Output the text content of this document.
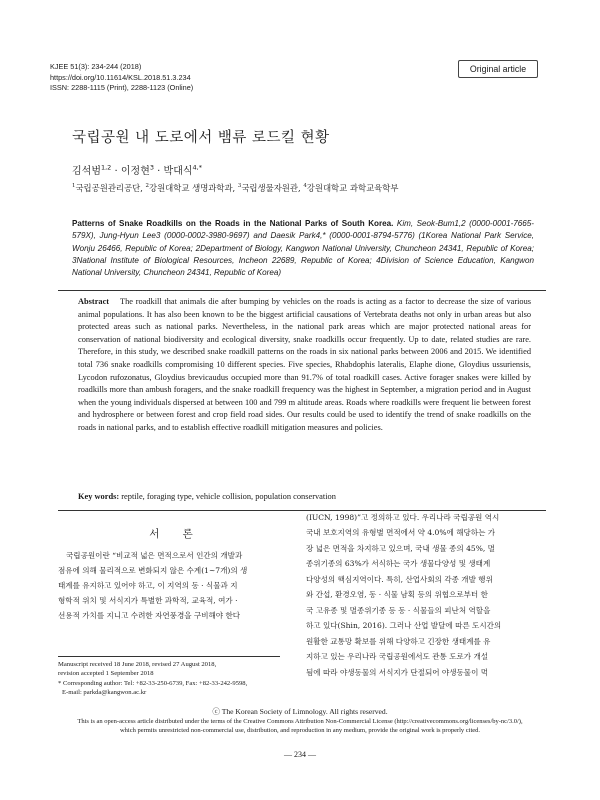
KJEE 51(3): 234-244 (2018)
https://doi.org/10.11614/KSL.2018.51.3.234
ISSN: 2288-1115 (Print), 2288-1123 (Online)
Original article
국립공원 내 도로에서 뱀류 로드킬 현황
김석범$^{1,2}$ · 이정현$^3$ · 박대식$^{4,*}$
$^1$국립공원관리공단, $^2$강원대학교 생명과학과, $^3$국립생물자원관, $^4$강원대학교 과학교육학부
Patterns of Snake Roadkills on the Roads in the National Parks of South Korea. Kim, Seok-Bum1,2 (0000-0001-7665-579X), Jung-Hyun Lee3 (0000-0002-3980-9697) and Daesik Park4,* (0000-0001-8794-5776) (1Korea National Park Service, Wonju 26466, Republic of Korea; 2Department of Biology, Kangwon National University, Chuncheon 24341, Republic of Korea; 3National Institute of Biological Resources, Incheon 22689, Republic of Korea; 4Division of Science Education, Kangwon National University, Chuncheon 24341, Republic of Korea)
Abstract The roadkill that animals die after bumping by vehicles on the roads is acting as a factor to decrease the size of various animal populations. It has also been known to be the biggest artificial causations of Vertebrata deaths not only in urban areas but also protected areas such as national parks. Nevertheless, in the national park areas which are major protected national areas for conservation of national biodiversity and ecological diversity, snake roadkills occur frequently. Up to date, related studies are rare. Therefore, in this study, we described snake roadkill patterns on the roads in six national parks between 2006 and 2015. We identified total 736 snake roadkills compromising 10 different species. Five species, Rhabdophis lateralis, Elaphe dione, Gloydius ussuriensis, Lycodon rufozonatus, Gloydius brevicaudus occupied more than 91.7% of total roadkill cases. Active forager snakes were killed by roadkills more than ambush foragers, and the snake roadkill frequency was the highest in September, a migration period and in August when the young individuals dispersed at between 100 and 799 m altitude areas. Roads where roadkills were frequent lie between forest and hydrosphere or between forest and crop field road sides. Our results could be used to identify the trend of snake roadkills on the roads in national parks, and to establish effective roadkill mitigation measures and policies.
Key words: reptile, foraging type, vehicle collision, population conservation
서 론
국립공원이란 “비교적 넓은 면적으로서 인간의 개발과
점유에 의해 물리적으로 변화되지 않은 수계(1~7개)의 생
태계를 유지하고 있어야 하고, 이 지역의 동 · 식물과 지
형학적 위치 및 서식지가 특별한 과학적, 교육적, 여가 ·
선용적 가치를 지니고 수려한 자연풍경을 구비해야 한다
(IUCN, 1998)”고 정의하고 있다. 우리나라 국립공원 역시
국내 보호지역의 유형별 면적에서 약 4.0%에 해당하는 가
장 넓은 면적을 차지하고 있으며, 국내 생물 종의 45%, 멸
종위기종의 63%가 서식하는 국가 생물다양성 및 생태계
다양성의 핵심지역이다. 특히, 산업사회의 각종 개발 행위
와 간섭, 환경오염, 동 · 식물 남획 등의 위협으로부터 한
국 고유종 및 멸종위기종 등 동 · 식물들의 피난처 역할을
하고 있다(Shin, 2016). 그러나 산업 발달에 따른 도시간의
원활한 교통망 확보를 위해 다양하고 긴장한 생태계를 유
지하고 있는 우리나라 국립공원에서도 관통 도로가 개설
됨에 따라 야생동물의 서식지가 단절되어 야생동물이 먹
Manuscript received 18 June 2018, revised 27 August 2018,
revision accepted 1 September 2018
* Corresponding author: Tel: +82-33-250-6739, Fax: +82-33-242-9598,
E-mail: parkda@kangwon.ac.kr
ⓒ The Korean Society of Limnology. All rights reserved.
This is an open-access article distributed under the terms of the Creative Commons Attribution Non-Commercial License (http://creativecommons.org/licenses/by-nc/3.0/),
which permits unrestricted non-commercial use, distribution, and reproduction in any medium, provide the original work is properly cited.
— 234 —
